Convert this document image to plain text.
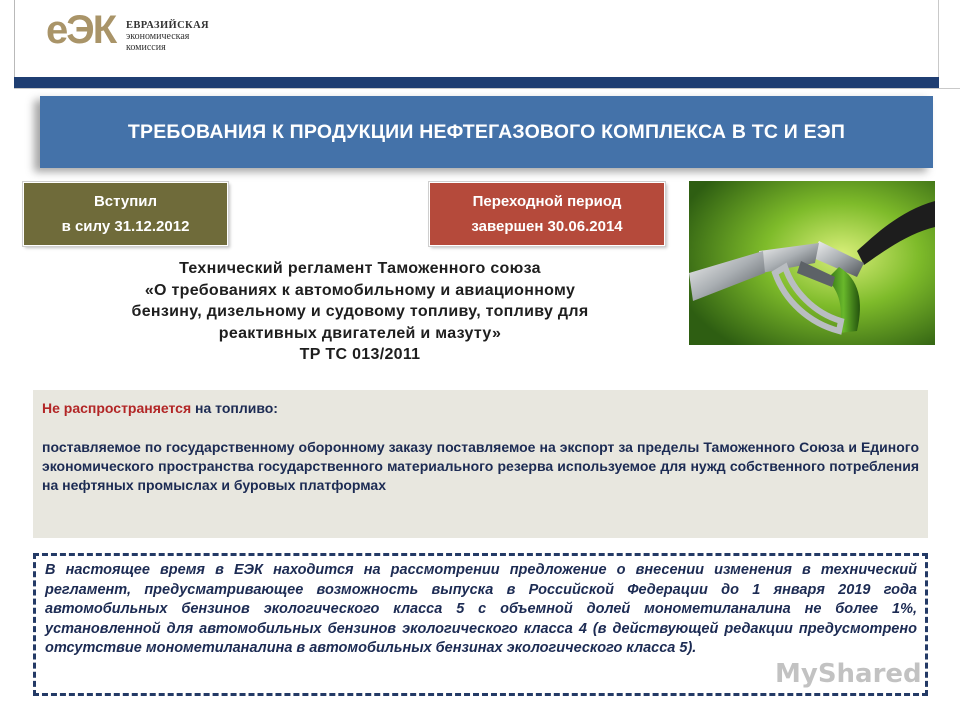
еЭК ЕВРАЗИЙСКАЯ
экономическая
комиссия
ТРЕБОВАНИЯ К ПРОДУКЦИИ НЕФТЕГАЗОВОГО КОМПЛЕКСА В ТС И ЕЭП
Вступил
в силу 31.12.2012
Переходной период
завершен 30.06.2014
Технический регламент Таможенного союза
«О требованиях к автомобильному и авиационному
бензину, дизельному и судовому топливу, топливу для
реактивных двигателей и мазуту»
ТР ТС 013/2011

Не распространяется на топливо:

поставляемое по государственному оборонному заказу поставляемое на экспорт за пределы Таможенного Союза и Единого экономического пространства государственного материального резерва используемое для нужд собственного потребления на нефтяных промыслах и буровых платформах

В настоящее время в ЕЭК находится на рассмотрении предложение о внесении изменения в технический регламент, предусматривающее возможность выпуска в Российской Федерации до 1 января 2019 года автомобильных бензинов экологического класса 5 с объемной долей монометиланалина не более 1%, установленной для автомобильных бензинов экологического класса 4 (в действующей редакции предусмотрено отсутствие монометиланалина в автомобильных бензинах экологического класса 5).
MyShared
